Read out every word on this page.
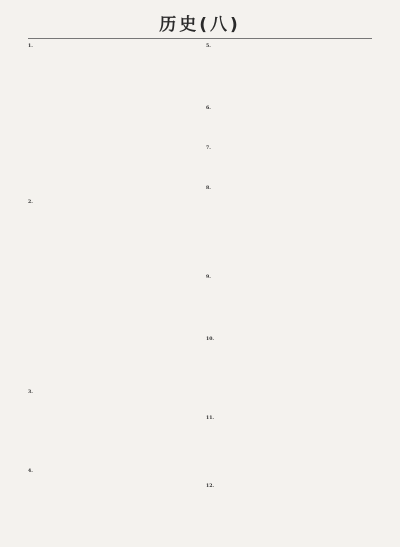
历史(八)
1.
2.
3.
4.
5.
6.
7.
8.
9.
10.
11.
12.
